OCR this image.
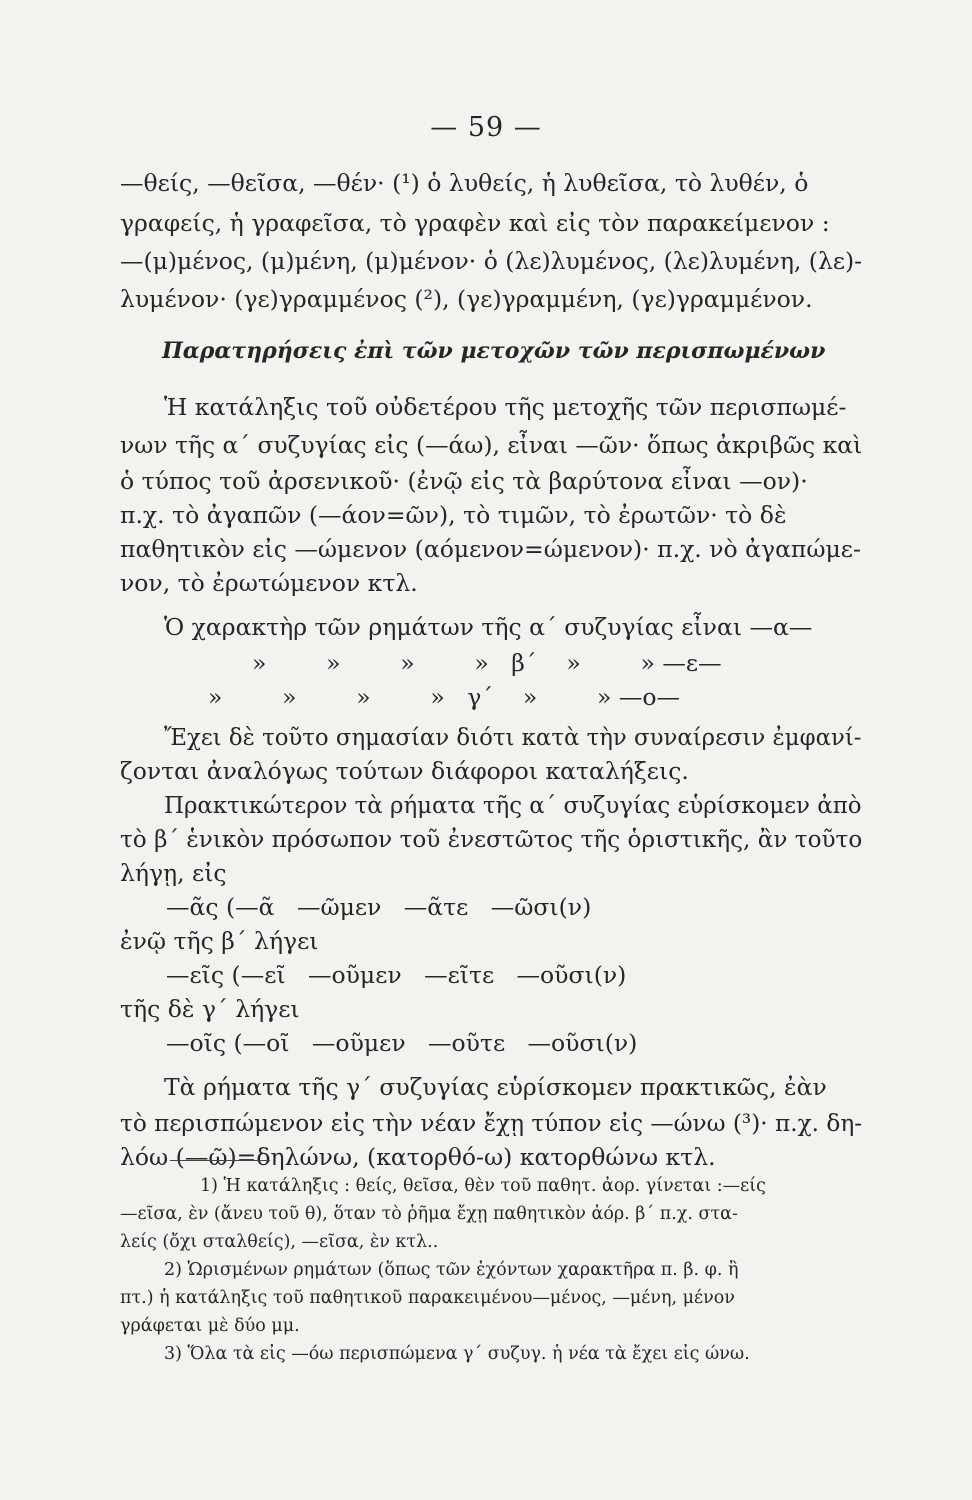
— 59 —
—θείς, —θεῖσα, —θέν· (¹) ὁ λυθείς, ἡ λυθεῖσα, τὸ λυθέν, ὁ
γραφείς, ἡ γραφεῖσα, τὸ γραφὲν καὶ εἰς τὸν παρακείμενον :
—(μ)μένος, (μ)μένη, (μ)μένον· ὁ (λε)λυμένος, (λε)λυμένη, (λε)-
λυμένον· (γε)γραμμένος (²), (γε)γραμμένη, (γε)γραμμένον.
Παρατηρήσεις ἐπὶ τῶν μετοχῶν τῶν περισπωμένων
Ἡ κατάληξις τοῦ οὐδετέρου τῆς μετοχῆς τῶν περισπωμέ-
νων τῆς α΄ συζυγίας εἰς (—άω), εἶναι —ῶν· ὅπως ἀκριβῶς καὶ
ὁ τύπος τοῦ ἀρσενικοῦ· (ἐνῷ εἰς τὰ βαρύτονα εἶναι —ον)·
π.χ. τὸ ἀγαπῶν (—άον=ῶν), τὸ τιμῶν, τὸ ἐρωτῶν· τὸ δὲ
παθητικὸν εἰς —ώμενον (αόμενον=ώμενον)· π.χ. νὸ ἀγαπώμε-
νον, τὸ ἐρωτώμενον κτλ.
Ὁ χαρακτὴρ τῶν ρημάτων τῆς α΄ συζυγίας εἶναι —α—
»        »        »        »   β΄    »        » —ε—
»        »        »        »   γ΄    »        » —ο—
Ἔχει δὲ τοῦτο σημασίαν διότι κατὰ τὴν συναίρεσιν ἐμφανί-
ζονται ἀναλόγως τούτων διάφοροι καταλήξεις.
Πρακτικώτερον τὰ ρήματα τῆς α΄ συζυγίας εὑρίσκομεν ἀπὸ
τὸ β΄ ἑνικὸν πρόσωπον τοῦ ἐνεστῶτος τῆς ὁριστικῆς, ἂν τοῦτο
λήγῃ, εἰς
—ᾶς (—ᾶ   —ῶμεν   —ᾶτε   —ῶσι(ν)
ἐνῷ τῆς β΄ λήγει
—εῖς (—εῖ   —οῦμεν   —εῖτε   —οῦσι(ν)
τῆς δὲ γ΄ λήγει
—οῖς (—οῖ   —οῦμεν   —οῦτε   —οῦσι(ν)
Τὰ ρήματα τῆς γ΄ συζυγίας εὑρίσκομεν πρακτικῶς, ἐὰν
τὸ περισπώμενον εἰς τὴν νέαν ἔχῃ τύπον εἰς —ώνω (³)· π.χ. δη-
λόω (—ῶ)=δηλώνω, (κατορθό-ω) κατορθώνω κτλ.
1) Ἡ κατάληξις : θείς, θεῖσα, θὲν τοῦ παθητ. ἀορ. γίνεται :—είς
—εῖσα, ὲν (ἄνευ τοῦ θ), ὅταν τὸ ῥῆμα ἔχῃ παθητικὸν ἀόρ. β΄ π.χ. στα-
λείς (ὄχι σταλθείς), —εῖσα, ὲν κτλ..
2) Ὡρισμένων ρημάτων (ὅπως τῶν ἐχόντων χαρακτῆρα π. β. φ. ἢ
πτ.) ἡ κατάληξις τοῦ παθητικοῦ παρακειμένου—μένος, —μένη, μένον
γράφεται μὲ δύο μμ.
3) Ὅλα τὰ εἰς —όω περισπώμενα γ΄ συζυγ. ἡ νέα τὰ ἔχει εἰς ώνω.
